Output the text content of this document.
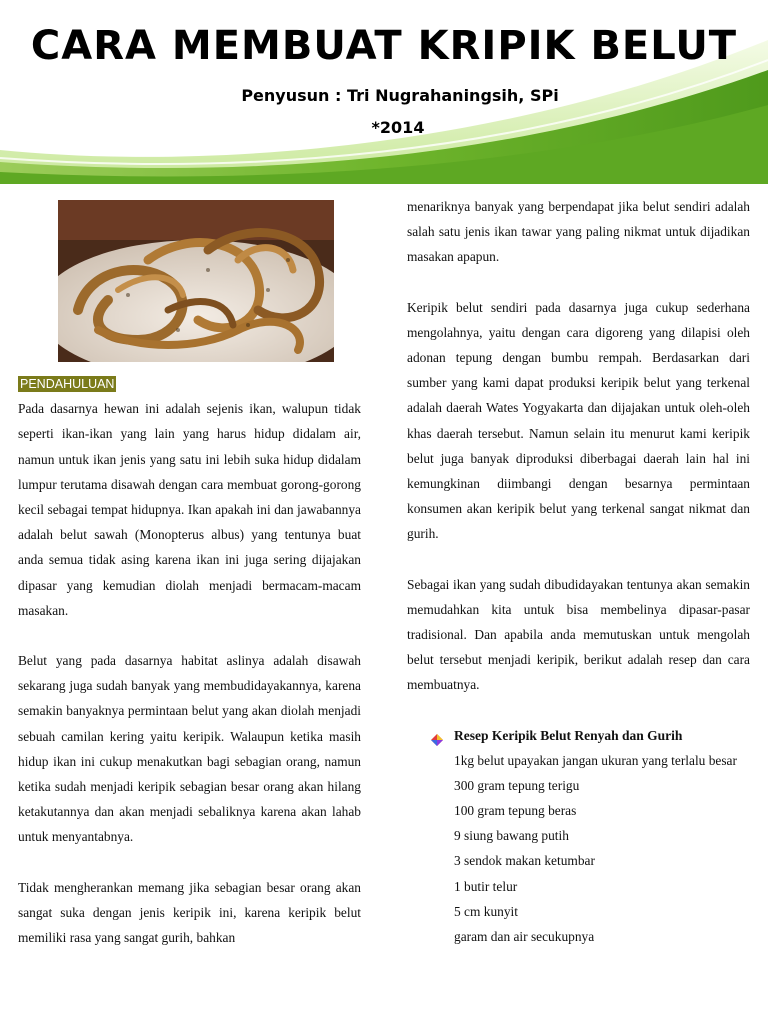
CARA MEMBUAT KRIPIK BELUT
Penyusun : Tri Nugrahaningsih, SPi
*2014
PENDAHULUAN

Pada dasarnya hewan ini adalah sejenis ikan, walupun tidak seperti ikan-ikan yang lain yang harus hidup didalam air, namun untuk ikan jenis yang satu ini lebih suka hidup didalam lumpur terutama disawah dengan cara membuat gorong-gorong kecil sebagai tempat hidupnya. Ikan apakah ini dan jawabannya adalah belut sawah (Monopterus albus) yang tentunya buat anda semua tidak asing karena ikan ini juga sering dijajakan dipasar yang kemudian diolah menjadi bermacam-macam masakan.

Belut yang pada dasarnya habitat aslinya adalah disawah sekarang juga sudah banyak yang membudidayakannya, karena semakin banyaknya permintaan belut yang akan diolah menjadi sebuah camilan kering yaitu keripik. Walaupun ketika masih hidup ikan ini cukup menakutkan bagi sebagian orang, namun ketika sudah menjadi keripik sebagian besar orang akan hilang ketakutannya dan akan menjadi sebaliknya karena akan lahab untuk menyantabnya.

Tidak mengherankan memang jika sebagian besar orang akan sangat suka dengan jenis keripik ini, karena keripik belut memiliki rasa yang sangat gurih, bahkan

menariknya banyak yang berpendapat jika belut sendiri adalah salah satu jenis ikan tawar yang paling nikmat untuk dijadikan masakan apapun.

Keripik belut sendiri pada dasarnya juga cukup sederhana mengolahnya, yaitu dengan cara digoreng yang dilapisi oleh adonan tepung dengan bumbu rempah. Berdasarkan dari sumber yang kami dapat produksi keripik belut yang terkenal adalah daerah Wates Yogyakarta dan dijajakan untuk oleh-oleh khas daerah tersebut. Namun selain itu menurut kami keripik belut juga banyak diproduksi diberbagai daerah lain hal ini kemungkinan diimbangi dengan besarnya permintaan konsumen akan keripik belut yang terkenal sangat nikmat dan gurih.

Sebagai ikan yang sudah dibudidayakan tentunya akan semakin memudahkan kita untuk bisa membelinya dipasar-pasar tradisional. Dan apabila anda memutuskan untuk mengolah belut tersebut menjadi keripik, berikut adalah resep dan cara membuatnya.

Resep Keripik Belut Renyah dan Gurih
1kg belut upayakan jangan ukuran yang terlalu besar
300 gram tepung terigu
100 gram tepung beras
9 siung bawang putih
3 sendok makan ketumbar
1 butir telur
5 cm kunyit
garam dan air secukupnya
